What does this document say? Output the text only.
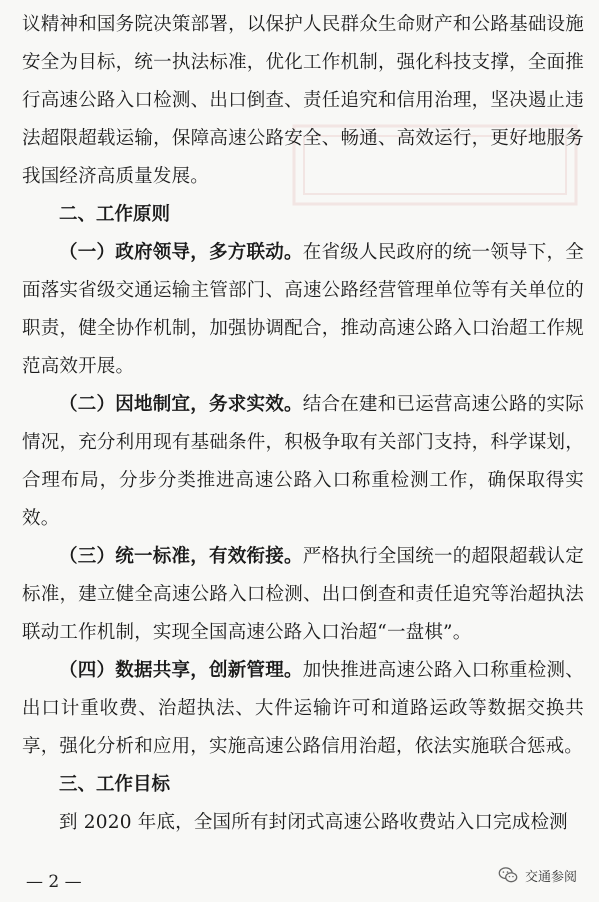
议精神和国务院决策部署，以保护人民群众生命财产和公路基础设施安全为目标，统一执法标准，优化工作机制，强化科技支撑，全面推行高速公路入口检测、出口倒查、责任追究和信用治理，坚决遏止违法超限超载运输，保障高速公路安全、畅通、高效运行，更好地服务我国经济高质量发展。

二、工作原则

（一）政府领导，多方联动。在省级人民政府的统一领导下，全面落实省级交通运输主管部门、高速公路经营管理单位等有关单位的职责，健全协作机制，加强协调配合，推动高速公路入口治超工作规范高效开展。

（二）因地制宜，务求实效。结合在建和已运营高速公路的实际情况，充分利用现有基础条件，积极争取有关部门支持，科学谋划，合理布局，分步分类推进高速公路入口称重检测工作，确保取得实效。

（三）统一标准，有效衔接。严格执行全国统一的超限超载认定标准，建立健全高速公路入口检测、出口倒查和责任追究等治超执法联动工作机制，实现全国高速公路入口治超“一盘棋”。

（四）数据共享，创新管理。加快推进高速公路入口称重检测、出口计重收费、治超执法、大件运输许可和道路运政等数据交换共享，强化分析和应用，实施高速公路信用治超，依法实施联合惩戒。

三、工作目标

到 2020 年底，全国所有封闭式高速公路收费站入口完成检测

— 2 —	交通参阅
